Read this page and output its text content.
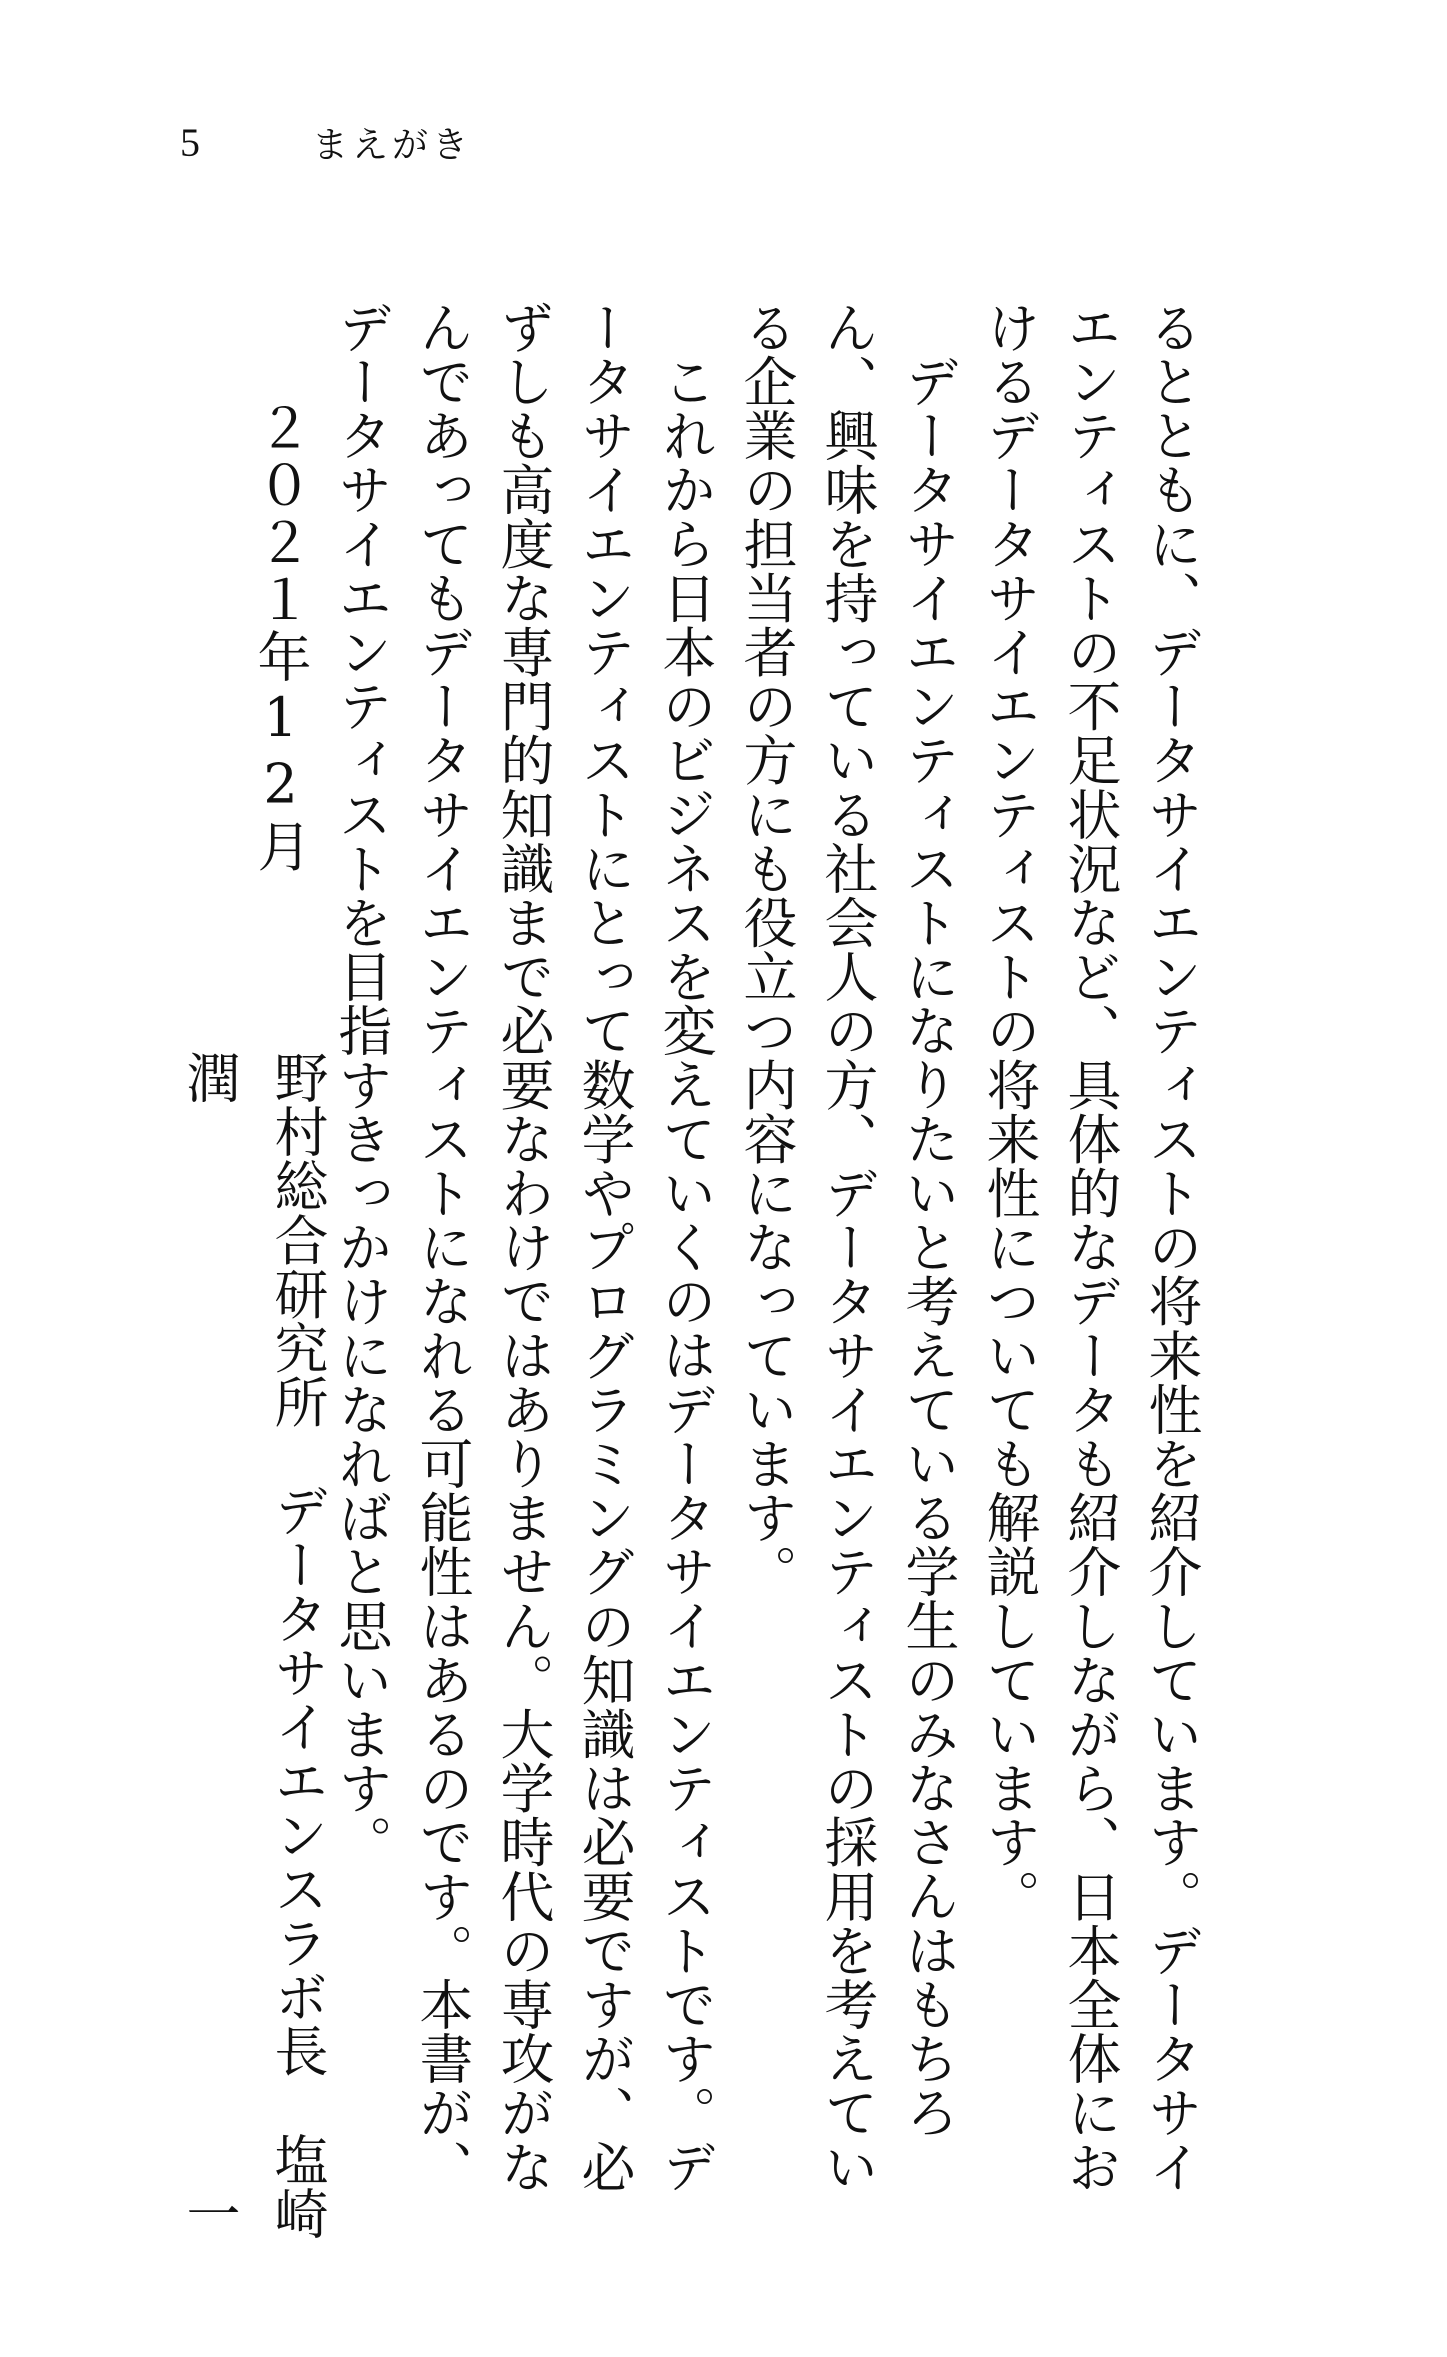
5	まえがき

るとともに、データサイエンティストの将来性を紹介しています。データサイエンティストの不足状況など、具体的なデータも紹介しながら、日本全体におけるデータサイエンティストの将来性についても解説しています。

データサイエンティストになりたいと考えている学生のみなさんはもちろん、興味を持っている社会人の方、データサイエンティストの採用を考えている企業の担当者の方にも役立つ内容になっています。

これから日本のビジネスを変えていくのはデータサイエンティストです。データサイエンティストにとって数学やプログラミングの知識は必要ですが、必ずしも高度な専門的知識まで必要なわけではありません。大学時代の専攻がなんであってもデータサイエンティストになれる可能性はあるのです。本書が、データサイエンティストを目指すきっかけになればと思います。

２０２１年12月
野村総合研究所　データサイエンスラボ長　塩崎潤一
